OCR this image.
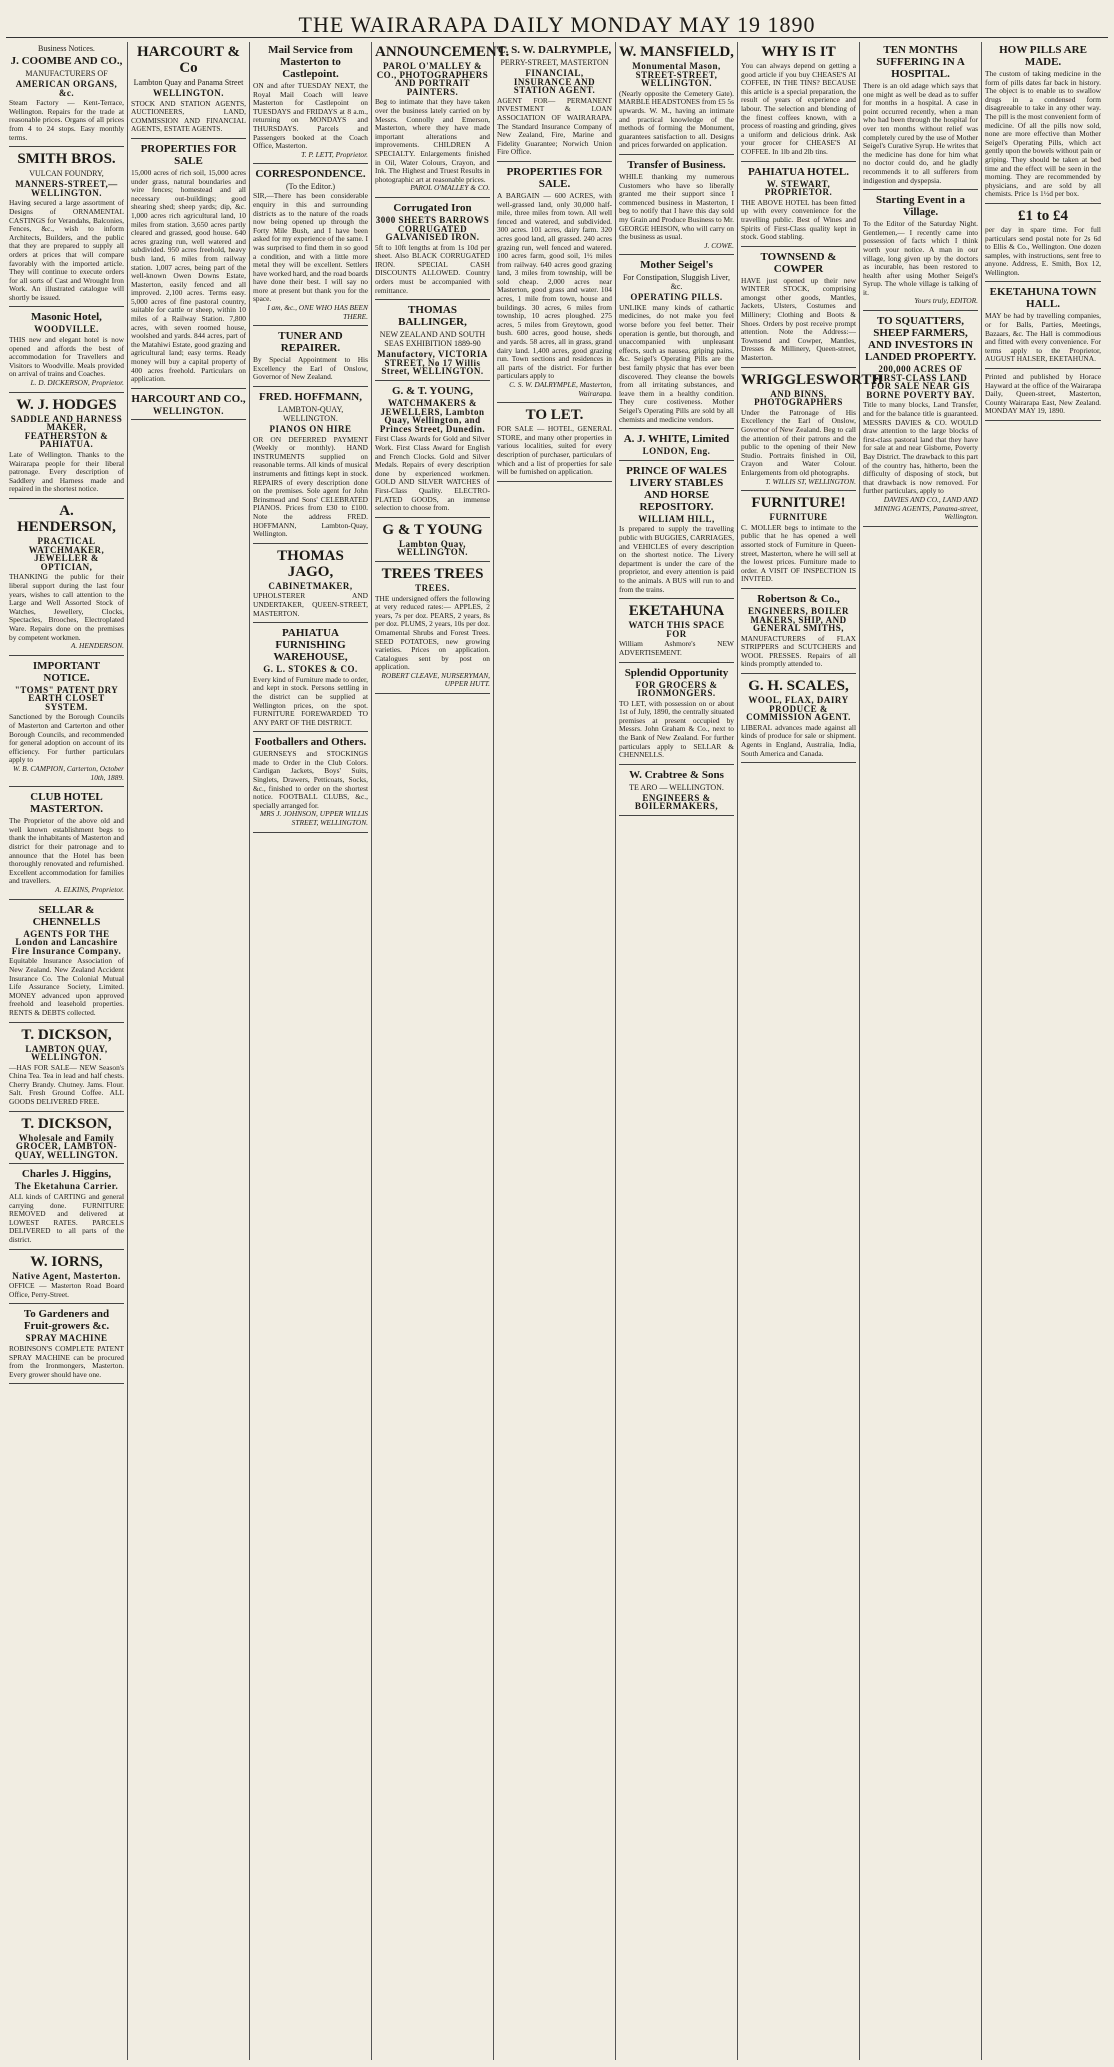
THE WAIRARAPA DAILY MONDAY MAY 19 1890
Business Notices.
J. COOMBE AND CO.,
MANUFACTURERS OF
AMERICAN ORGANS, &c.
Steam Factory — Kent-Terrace, Wellington. Repairs for the trade at reasonable prices. Organs of all prices from 4 to 24 stops. Easy monthly terms.
SMITH BROS.
VULCAN FOUNDRY,
MANNERS-STREET,— WELLINGTON.
Having secured a large assortment of Designs of ORNAMENTAL CASTINGS for Verandahs, Balconies, Fences, &c., wish to inform Architects, Builders, and the public that they are prepared to supply all orders at prices that will compare favorably with the imported article. They will continue to execute orders for all sorts of Cast and Wrought Iron Work. An illustrated catalogue will shortly be issued.
Masonic Hotel,
WOODVILLE.
THIS new and elegant hotel is now opened and affords the best of accommodation for Travellers and Visitors to Woodville. Meals provided on arrival of trains and Coaches.
L. D. DICKERSON, Proprietor.
W. J. HODGES
SADDLE AND HARNESS MAKER, FEATHERSTON & PAHIATUA.
Late of Wellington. Thanks to the Wairarapa people for their liberal patronage. Every description of Saddlery and Harness made and repaired in the shortest notice.
A. HENDERSON,
PRACTICAL WATCHMAKER, JEWELLER & OPTICIAN,
THANKING the public for their liberal support during the last four years, wishes to call attention to the Large and Well Assorted Stock of Watches, Jewellery, Clocks, Spectacles, Brooches, Electroplated Ware. Repairs done on the premises by competent workmen.
A. HENDERSON.
IMPORTANT NOTICE.
"TOMS" PATENT DRY EARTH CLOSET SYSTEM.
Sanctioned by the Borough Councils of Masterton and Carterton and other Borough Councils, and recommended for general adoption on account of its efficiency. For further particulars apply to
W. B. CAMPION, Carterton, October 10th, 1889.
CLUB HOTEL MASTERTON.
The Proprietor of the above old and well known establishment begs to thank the inhabitants of Masterton and district for their patronage and to announce that the Hotel has been thoroughly renovated and refurnished. Excellent accommodation for families and travellers.
A. ELKINS, Proprietor.
SELLAR & CHENNELLS
AGENTS FOR THE London and Lancashire Fire Insurance Company.
Equitable Insurance Association of New Zealand. New Zealand Accident Insurance Co. The Colonial Mutual Life Assurance Society, Limited. MONEY advanced upon approved freehold and leasehold properties. RENTS & DEBTS collected.
T. DICKSON,
LAMBTON QUAY, WELLINGTON.
—HAS FOR SALE— NEW Season's China Tea. Tea in lead and half chests. Cherry Brandy. Chutney. Jams. Flour. Salt. Fresh Ground Coffee. ALL GOODS DELIVERED FREE.
T. DICKSON,
Wholesale and Family GROCER, LAMBTON-QUAY, WELLINGTON.
Charles J. Higgins,
The Eketahuna Carrier.
ALL kinds of CARTING and general carrying done. FURNITURE REMOVED and delivered at LOWEST RATES. PARCELS DELIVERED to all parts of the district.
W. IORNS,
Native Agent, Masterton.
OFFICE — Masterton Road Board Office, Perry-Street.
To Gardeners and Fruit-growers &c.
SPRAY MACHINE
ROBINSON'S COMPLETE PATENT SPRAY MACHINE can be procured from the Ironmongers, Masterton. Every grower should have one.
HARCOURT & Co
Lambton Quay and Panama Street
WELLINGTON.
STOCK AND STATION AGENTS, AUCTIONEERS, LAND, COMMISSION AND FINANCIAL AGENTS, ESTATE AGENTS.
PROPERTIES FOR SALE
15,000 acres of rich soil, 15,000 acres under grass, natural boundaries and wire fences; homestead and all necessary out-buildings; good shearing shed; sheep yards; dip, &c. 1,000 acres rich agricultural land, 10 miles from station. 3,650 acres partly cleared and grassed, good house. 640 acres grazing run, well watered and subdivided. 950 acres freehold, heavy bush land, 6 miles from railway station. 1,007 acres, being part of the well-known Owen Downs Estate, Masterton, easily fenced and all improved. 2,100 acres. Terms easy. 5,000 acres of fine pastoral country, suitable for cattle or sheep, within 10 miles of a Railway Station. 7,800 acres, with seven roomed house, woolshed and yards. 844 acres, part of the Matahiwi Estate, good grazing and agricultural land; easy terms. Ready money will buy a capital property of 400 acres freehold. Particulars on application.
HARCOURT AND CO.,
WELLINGTON.
Mail Service from Masterton to Castlepoint.
ON and after TUESDAY NEXT, the Royal Mail Coach will leave Masterton for Castlepoint on TUESDAYS and FRIDAYS at 8 a.m., returning on MONDAYS and THURSDAYS. Parcels and Passengers booked at the Coach Office, Masterton.
T. P. LETT, Proprietor.
CORRESPONDENCE.
(To the Editor.)
SIR,—There has been considerable enquiry in this and surrounding districts as to the nature of the roads now being opened up through the Forty Mile Bush, and I have been asked for my experience of the same. I was surprised to find them in so good a condition, and with a little more metal they will be excellent. Settlers have worked hard, and the road boards have done their best. I will say no more at present but thank you for the space.
I am, &c., ONE WHO HAS BEEN THERE.
TUNER AND REPAIRER.
By Special Appointment to His Excellency the Earl of Onslow, Governor of New Zealand.
FRED. HOFFMANN,
LAMBTON-QUAY, WELLINGTON.
PIANOS ON HIRE
OR ON DEFERRED PAYMENT (Weekly or monthly). HAND INSTRUMENTS supplied on reasonable terms. All kinds of musical instruments and fittings kept in stock. REPAIRS of every description done on the premises. Sole agent for John Brinsmead and Sons' CELEBRATED PIANOS. Prices from £30 to £100. Note the address FRED. HOFFMANN, Lambton-Quay, Wellington.
THOMAS JAGO,
CABINETMAKER,
UPHOLSTERER AND UNDERTAKER, QUEEN-STREET, MASTERTON.
PAHIATUA FURNISHING WAREHOUSE,
G. L. STOKES & CO.
Every kind of Furniture made to order, and kept in stock. Persons settling in the district can be supplied at Wellington prices, on the spot. FURNITURE FOREWARDED TO ANY PART OF THE DISTRICT.
Footballers and Others.
GUERNSEYS and STOCKINGS made to Order in the Club Colors. Cardigan Jackets, Boys' Suits, Singlets, Drawers, Petticoats, Socks, &c., finished to order on the shortest notice. FOOTBALL CLUBS, &c., specially arranged for.
MRS J. JOHNSON, UPPER WILLIS STREET, WELLINGTON.
ANNOUNCEMENT.
PAROL O'MALLEY & CO., PHOTOGRAPHERS AND PORTRAIT PAINTERS.
Beg to intimate that they have taken over the business lately carried on by Messrs. Connolly and Emerson, Masterton, where they have made important alterations and improvements. CHILDREN A SPECIALTY. Enlargements finished in Oil, Water Colours, Crayon, and Ink. The Highest and Truest Results in photographic art at reasonable prices.
PAROL O'MALLEY & CO.
Corrugated Iron
3000 SHEETS BARROWS CORRUGATED GALVANISED IRON.
5ft to 10ft lengths at from 1s 10d per sheet. Also BLACK CORRUGATED IRON. SPECIAL CASH DISCOUNTS ALLOWED. Country orders must be accompanied with remittance.
THOMAS BALLINGER,
NEW ZEALAND AND SOUTH SEAS EXHIBITION 1889-90
Manufactory, VICTORIA STREET, No 17 Willis Street, WELLINGTON.
G. & T. YOUNG,
WATCHMAKERS & JEWELLERS, Lambton Quay, Wellington, and Princes Street, Dunedin.
First Class Awards for Gold and Silver Work. First Class Award for English and French Clocks. Gold and Silver Medals. Repairs of every description done by experienced workmen. GOLD AND SILVER WATCHES of First-Class Quality. ELECTRO-PLATED GOODS, an immense selection to choose from.
G & T YOUNG
Lambton Quay, WELLINGTON.
TREES TREES
TREES.
THE undersigned offers the following at very reduced rates:— APPLES, 2 years, 7s per doz. PEARS, 2 years, 8s per doz. PLUMS, 2 years, 10s per doz. Ornamental Shrubs and Forest Trees. SEED POTATOES, new growing varieties. Prices on application. Catalogues sent by post on application.
ROBERT CLEAVE, NURSERYMAN, UPPER HUTT.
C. S. W. DALRYMPLE,
PERRY-STREET, MASTERTON
FINANCIAL, INSURANCE AND STATION AGENT.
AGENT FOR— PERMANENT INVESTMENT & LOAN ASSOCIATION OF WAIRARAPA. The Standard Insurance Company of New Zealand, Fire, Marine and Fidelity Guarantee; Norwich Union Fire Office.
PROPERTIES FOR SALE.
A BARGAIN — 600 ACRES, with well-grassed land, only 30,000 half-mile, three miles from town. All well fenced and watered, and subdivided. 300 acres. 101 acres, dairy farm. 320 acres good land, all grassed. 240 acres grazing run, well fenced and watered. 100 acres farm, good soil, 1½ miles from railway. 640 acres good grazing land, 3 miles from township, will be sold cheap. 2,000 acres near Masterton, good grass and water. 104 acres, 1 mile from town, house and buildings. 30 acres, 6 miles from township, 10 acres ploughed. 275 acres, 5 miles from Greytown, good bush. 600 acres, good house, sheds and yards. 58 acres, all in grass, grand dairy land. 1,400 acres, good grazing run. Town sections and residences in all parts of the district. For further particulars apply to
C. S. W. DALRYMPLE, Masterton, Wairarapa.
TO LET.
FOR SALE — HOTEL, GENERAL STORE, and many other properties in various localities, suited for every description of purchaser, particulars of which and a list of properties for sale will be furnished on application.
W. MANSFIELD,
Monumental Mason, STREET-STREET, WELLINGTON.
(Nearly opposite the Cemetery Gate). MARBLE HEADSTONES from £5 5s upwards. W. M., having an intimate and practical knowledge of the methods of forming the Monument, guarantees satisfaction to all. Designs and prices forwarded on application.
Transfer of Business.
WHILE thanking my numerous Customers who have so liberally granted me their support since I commenced business in Masterton, I beg to notify that I have this day sold my Grain and Produce Business to Mr. GEORGE HEISON, who will carry on the business as usual.
J. COWE.
Mother Seigel's
For Constipation, Sluggish Liver, &c.
OPERATING PILLS.
UNLIKE many kinds of cathartic medicines, do not make you feel worse before you feel better. Their operation is gentle, but thorough, and unaccompanied with unpleasant effects, such as nausea, griping pains, &c. Seigel's Operating Pills are the best family physic that has ever been discovered. They cleanse the bowels from all irritating substances, and leave them in a healthy condition. They cure costiveness. Mother Seigel's Operating Pills are sold by all chemists and medicine vendors.
A. J. WHITE, Limited
LONDON, Eng.
PRINCE OF WALES LIVERY STABLES AND HORSE REPOSITORY.
WILLIAM HILL,
Is prepared to supply the travelling public with BUGGIES, CARRIAGES, and VEHICLES of every description on the shortest notice. The Livery department is under the care of the proprietor, and every attention is paid to the animals. A BUS will run to and from the trains.
EKETAHUNA
WATCH THIS SPACE FOR
William Ashmore's NEW ADVERTISEMENT.
Splendid Opportunity
FOR GROCERS & IRONMONGERS.
TO LET, with possession on or about 1st of July, 1890, the centrally situated premises at present occupied by Messrs. John Graham & Co., next to the Bank of New Zealand. For further particulars apply to SELLAR & CHENNELLS.
W. Crabtree & Sons
TE ARO — WELLINGTON.
ENGINEERS & BOILERMAKERS,
WHY IS IT
You can always depend on getting a good article if you buy CHEASE'S AI COFFEE, IN THE TINS? BECAUSE this article is a special preparation, the result of years of experience and labour. The selection and blending of the finest coffees known, with a process of roasting and grinding, gives a uniform and delicious drink. Ask your grocer for CHEASE'S AI COFFEE. In 1lb and 2lb tins.
PAHIATUA HOTEL.
W. STEWART, PROPRIETOR.
THE ABOVE HOTEL has been fitted up with every convenience for the travelling public. Best of Wines and Spirits of First-Class quality kept in stock. Good stabling.
TOWNSEND & COWPER
HAVE just opened up their new WINTER STOCK, comprising amongst other goods, Mantles, Jackets, Ulsters, Costumes and Millinery; Clothing and Boots & Shoes. Orders by post receive prompt attention. Note the Address:— Townsend and Cowper, Mantles, Dresses & Millinery, Queen-street, Masterton.
WRIGGLESWORTH
AND BINNS, PHOTOGRAPHERS
Under the Patronage of His Excellency the Earl of Onslow, Governor of New Zealand. Beg to call the attention of their patrons and the public to the opening of their New Studio. Portraits finished in Oil, Crayon and Water Colour. Enlargements from old photographs.
T. WILLIS ST, WELLINGTON.
FURNITURE!
FURNITURE
C. MOLLER begs to intimate to the public that he has opened a well assorted stock of Furniture in Queen-street, Masterton, where he will sell at the lowest prices. Furniture made to order. A VISIT OF INSPECTION IS INVITED.
Robertson & Co.,
ENGINEERS, BOILER MAKERS, SHIP, AND GENERAL SMITHS,
MANUFACTURERS of FLAX STRIPPERS and SCUTCHERS and WOOL PRESSES. Repairs of all kinds promptly attended to.
G. H. SCALES,
WOOL, FLAX, DAIRY PRODUCE & COMMISSION AGENT.
LIBERAL advances made against all kinds of produce for sale or shipment. Agents in England, Australia, India, South America and Canada.
TEN MONTHS SUFFERING IN A HOSPITAL.
There is an old adage which says that one might as well be dead as to suffer for months in a hospital. A case in point occurred recently, when a man who had been through the hospital for over ten months without relief was completely cured by the use of Mother Seigel's Curative Syrup. He writes that the medicine has done for him what no doctor could do, and he gladly recommends it to all sufferers from indigestion and dyspepsia.
Starting Event in a Village.
To the Editor of the Saturday Night. Gentlemen,— I recently came into possession of facts which I think worth your notice. A man in our village, long given up by the doctors as incurable, has been restored to health after using Mother Seigel's Syrup. The whole village is talking of it.
Yours truly, EDITOR.
TO SQUATTERS, SHEEP FARMERS, AND INVESTORS IN LANDED PROPERTY.
200,000 ACRES OF FIRST-CLASS LAND FOR SALE NEAR GIS BORNE POVERTY BAY.
Title to many blocks, Land Transfer, and for the balance title is guaranteed. MESSRS DAVIES & CO. WOULD draw attention to the large blocks of first-class pastoral land that they have for sale at and near Gisborne, Poverty Bay District. The drawback to this part of the country has, hitherto, been the difficulty of disposing of stock, but that drawback is now removed. For further particulars, apply to
DAVIES AND CO., LAND AND MINING AGENTS, Panama-street, Wellington.
HOW PILLS ARE MADE.
The custom of taking medicine in the form of pills dates far back in history. The object is to enable us to swallow drugs in a condensed form disagreeable to take in any other way. The pill is the most convenient form of medicine. Of all the pills now sold, none are more effective than Mother Seigel's Operating Pills, which act gently upon the bowels without pain or griping. They should be taken at bed time and the effect will be seen in the morning. They are recommended by physicians, and are sold by all chemists. Price 1s 1½d per box.
£1 to £4
per day in spare time. For full particulars send postal note for 2s 6d to Ellis & Co., Wellington. One dozen samples, with instructions, sent free to anyone. Address, E. Smith, Box 12, Wellington.
EKETAHUNA TOWN HALL.
MAY be had by travelling companies, or for Balls, Parties, Meetings, Bazaars, &c. The Hall is commodious and fitted with every convenience. For terms apply to the Proprietor, AUGUST HALSER, EKETAHUNA.
Printed and published by Horace Hayward at the office of the Wairarapa Daily, Queen-street, Masterton, County Wairarapa East, New Zealand. MONDAY MAY 19, 1890.
